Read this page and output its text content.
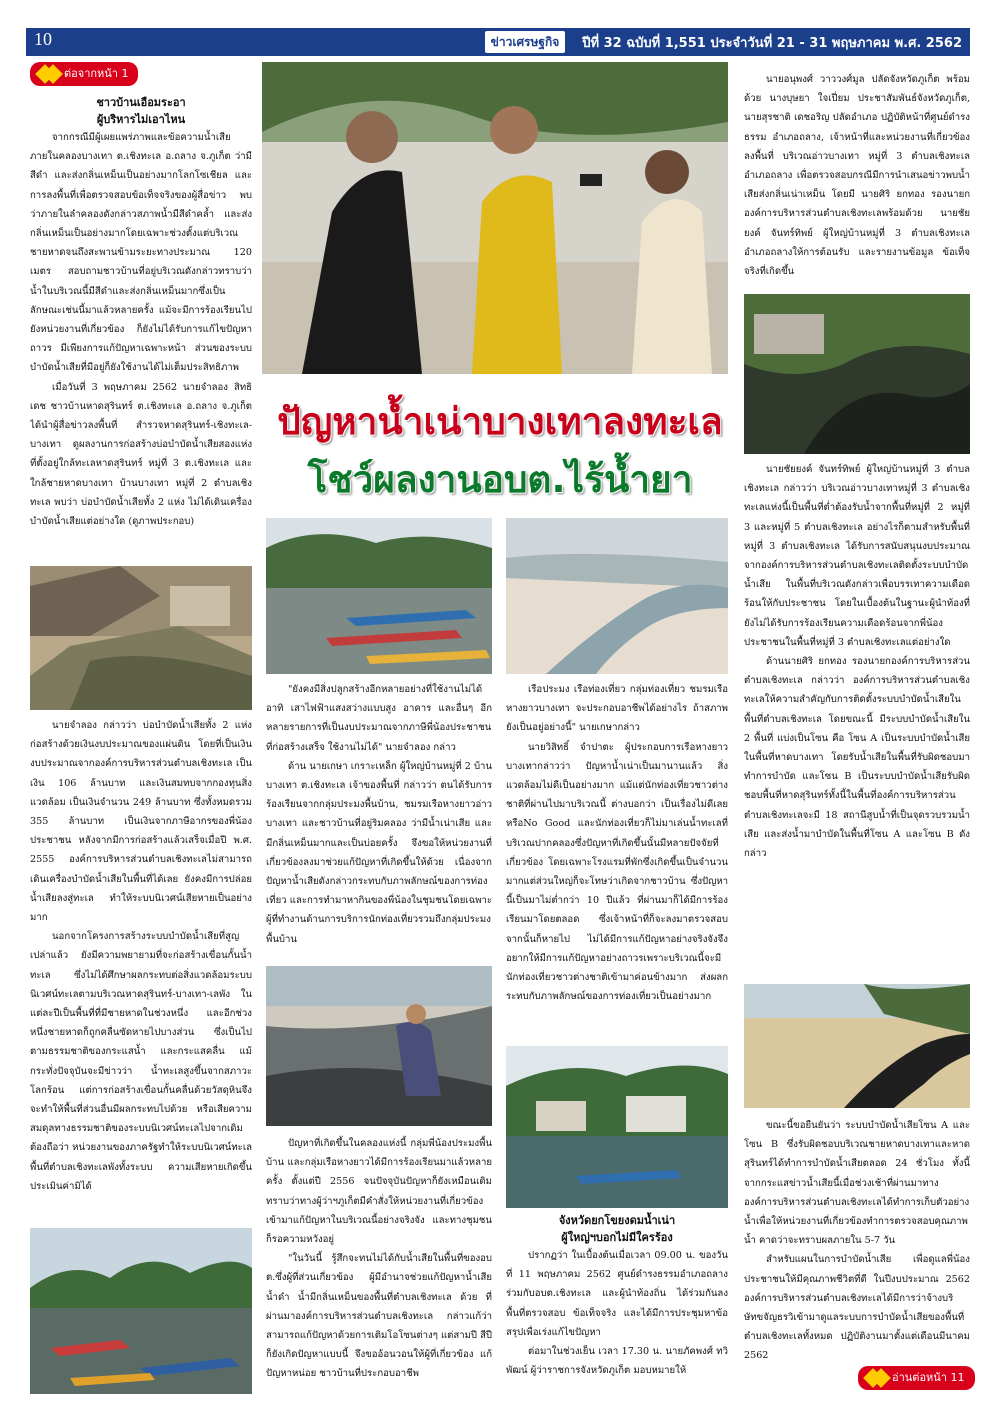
10	ข่าวเศรษฐกิจ	ปีที่ 32 ฉบับที่ 1,551 ประจำวันที่ 21 - 31 พฤษภาคม พ.ศ. 2562
ต่อจากหน้า 1
ชาวบ้านเอือมระอา
ผู้บริหารไม่เอาไหน

จากกรณีมีผู้เผยแพร่ภาพและข้อความน้ำเสียภายในคลองบางเทา ต.เชิงทะเล อ.ถลาง จ.ภูเก็ต ว่ามีสีดำ และส่งกลิ่นเหม็นเป็นอย่างมากโลกโซเชียล และการลงพื้นที่เพื่อตรวจสอบข้อเท็จจริงของผู้สื่อข่าว พบว่าภายในลำคลองดังกล่าวสภาพน้ำมีสีดำคล้ำ และส่งกลิ่นเหม็นเป็นอย่างมากโดยเฉพาะช่วงตั้งแต่บริเวณชายหาดจนถึงสะพานข้ามระยะทางประมาณ 120 เมตร สอบถามชาวบ้านที่อยู่บริเวณดังกล่าวทราบว่า น้ำในบริเวณนี้มีสีดำและส่งกลิ่นเหม็นมากซึ่งเป็นลักษณะเช่นนี้มาแล้วหลายครั้ง แม้จะมีการร้องเรียนไปยังหน่วยงานที่เกี่ยวข้อง ก็ยังไม่ได้รับการแก้ไขปัญหาถาวร มีเพียงการแก้ปัญหาเฉพาะหน้า ส่วนของระบบบำบัดน้ำเสียที่มีอยู่ก็ยังใช้งานได้ไม่เต็มประสิทธิภาพ

เมื่อวันที่ 3 พฤษภาคม 2562 นายจำลอง สิทธิเดช ชาวบ้านหาดสุรินทร์ ต.เชิงทะเล อ.ถลาง จ.ภูเก็ต ได้นำผู้สื่อข่าวลงพื้นที่ สำรวจหาดสุรินทร์-เชิงทะเล-บางเทา ดูผลงานการก่อสร้างบ่อบำบัดน้ำเสียสองแห่ง ที่ตั้งอยู่ใกล้ทะเลหาดสุรินทร์ หมู่ที่ 3 ต.เชิงทะเล และใกล้ชายหาดบางเทา บ้านบางเทา หมู่ที่ 2 ตำบลเชิงทะเล พบว่า บ่อบำบัดน้ำเสียทั้ง 2 แห่ง ไม่ได้เดินเครื่องบำบัดน้ำเสียแต่อย่างใด (ดูภาพประกอบ)

นายจำลอง กล่าวว่า บ่อบำบัดน้ำเสียทั้ง 2 แห่งก่อสร้างด้วยเงินงบประมาณของแผ่นดิน โดยที่เป็นเงินงบประมาณจากองค์การบริหารส่วนตำบลเชิงทะเล เป็นเงิน 106 ล้านบาท และเงินสมทบจากกองทุนสิ่งแวดล้อม เป็นเงินจำนวน 249 ล้านบาท ซึ่งทั้งหมดรวม 355 ล้านบาท เป็นเงินจากภาษีอากรของพี่น้องประชาชน หลังจากมีการก่อสร้างแล้วเสร็จเมื่อปี พ.ศ. 2555 องค์การบริหารส่วนตำบลเชิงทะเลไม่สามารถเดินเครื่องบำบัดน้ำเสียในพื้นที่ได้เลย ยังคงมีการปล่อยน้ำเสียลงสู่ทะเล ทำให้ระบบนิเวศน์เสียหายเป็นอย่างมาก

นอกจากโครงการสร้างระบบบำบัดน้ำเสียที่สูญเปล่าแล้ว ยังมีความพยายามที่จะก่อสร้างเขื่อนกั้นน้ำทะเล ซึ่งไม่ได้ศึกษาผลกระทบต่อสิ่งแวดล้อมระบบนิเวศน์ทะเลตามบริเวณหาดสุรินทร์-บางเทา-เลพัง ในแต่ละปีเป็นพื้นที่ที่มีชายหาดในช่วงหนึ่ง และอีกช่วงหนึ่งชายหาดก็ถูกคลื่นซัดหายไปบางส่วน ซึ่งเป็นไปตามธรรมชาติของกระแสน้ำ และกระแสคลื่น แม้กระทั่งปัจจุบันจะมีข่าวว่า น้ำทะเลสูงขึ้นจากสภาวะโลกร้อน แต่การก่อสร้างเขื่อนกั้นคลื่นด้วยวัสดุหินจึง จะทำให้พื้นที่ส่วนอื่นมีผลกระทบไปด้วย หรือเสียความสมดุลทางธรรมชาติของระบบนิเวศน์ทะเลไปจากเดิม ต้องถือว่า หน่วยงานของภาครัฐทำให้ระบบนิเวศน์ทะเลพื้นที่ตำบลเชิงทะเลพังทั้งระบบ ความเสียหายเกิดขึ้นประเมินค่ามิได้

ปัญหาน้ำเน่าบางเทาลงทะเล
โชว์ผลงานอบต.ไร้น้ำยา

"ยังคงมีสิ่งปลูกสร้างอีกหลายอย่างที่ใช้งานไม่ได้ อาทิ เสาไฟฟ้าแสงสว่างแบบสูง อาคาร และอื่นๆ อีกหลายรายการที่เป็นงบประมาณจากภาษีพี่น้องประชาชนที่ก่อสร้างเสร็จ ใช้งานไม่ได้" นายจำลอง กล่าว

ด้าน นายเกษา เกราะเหล็ก ผู้ใหญ่บ้านหมู่ที่ 2 บ้านบางเทา ต.เชิงทะเล เจ้าของพื้นที่ กล่าวว่า ตนได้รับการร้องเรียนจากกลุ่มประมงพื้นบ้าน, ชมรมเรือหางยาวอ่าวบางเทา และชาวบ้านที่อยู่ริมคลอง ว่ามีน้ำเน่าเสีย และมีกลิ่นเหม็นมากและเป็นบ่อยครั้ง จึงขอให้หน่วยงานที่เกี่ยวข้องลงมาช่วยแก้ปัญหาที่เกิดขึ้นให้ด้วย เนื่องจากปัญหาน้ำเสียดังกล่าวกระทบกับภาพลักษณ์ของการท่องเที่ยว และการทำมาหากินของพี่น้องในชุมชนโดยเฉพาะผู้ที่ทำงานด้านการบริการนักท่องเที่ยวรวมถึงกลุ่มประมงพื้นบ้าน

ปัญหาที่เกิดขึ้นในคลองแห่งนี้ กลุ่มพี่น้องประมงพื้นบ้าน และกลุ่มเรือหางยาวได้มีการร้องเรียนมาแล้วหลายครั้ง ตั้งแต่ปี 2556 จนปัจจุบันปัญหาก็ยังเหมือนเดิม ทราบว่าทางผู้ว่าฯภูเก็ตมีคำสั่งให้หน่วยงานที่เกี่ยวข้องเข้ามาแก้ปัญหาในบริเวณนี้อย่างจริงจัง และทางชุมชนก็รอความหวังอยู่

"ในวันนี้ รู้สึกจะทนไม่ได้กับน้ำเสียในพื้นที่ของอบต.ซึ่งผู้ที่ส่วนเกี่ยวข้อง ผู้มีอำนาจช่วยแก้ปัญหาน้ำเสีย น้ำดำ น้ำมีกลิ่นเหม็นของพื้นที่ตำบลเชิงทะเล ด้วย ที่ผ่านมาองค์การบริหารส่วนตำบลเชิงทะเล กล่าวแก้ว่า สามารถแก้ปัญหาด้วยการเติมโอโซนต่างๆ แต่สามปี สีปี ก็ยังเกิดปัญหาแบบนี้ จึงขออ้อนวอนให้ผู้ที่เกี่ยวข้อง แก้ปัญหาหน่อย ชาวบ้านที่ประกอบอาชีพ

เรือประมง เรือท่องเที่ยว กลุ่มท่องเที่ยว ชมรมเรือหางยาวบางเทา จะประกอบอาชีพได้อย่างไร ถ้าสภาพยังเป็นอยู่อย่างนี้" นายเกษากล่าว

นายวิสิทธิ์ จำปาตะ ผู้ประกอบการเรือหางยาวบางเทากล่าวว่า ปัญหาน้ำเน่าเป็นมานานแล้ว สิ่งแวดล้อมไม่ดีเป็นอย่างมาก แม้แต่นักท่องเที่ยวชาวต่างชาติที่ผ่านไปมาบริเวณนี้ ต่างบอกว่า เป็นเรื่องไม่ดีเลย หรือNo Good และนักท่องเที่ยวก็ไม่มาเล่นน้ำทะเลที่บริเวณปากคลองซึ่งปัญหาที่เกิดขึ้นนั้นมีหลายปัจจัยที่เกี่ยวข้อง โดยเฉพาะโรงแรมที่พักซึ่งเกิดขึ้นเป็นจำนวนมากแต่ส่วนใหญ่ก็จะโทษว่าเกิดจากชาวบ้าน ซึ่งปัญหานี้เป็นมาไม่ต่ำกว่า 10 ปีแล้ว ที่ผ่านมาก็ได้มีการร้องเรียนมาโดยตลอด ซึ่งเจ้าหน้าที่ก็จะลงมาตรวจสอบ จากนั้นก็หายไป ไม่ได้มีการแก้ปัญหาอย่างจริงจังจึง อยากให้มีการแก้ปัญหาอย่างถาวรเพราะบริเวณนี้จะมีนักท่องเที่ยวชาวต่างชาติเข้ามาค่อนข้างมาก ส่งผลกระทบกับภาพลักษณ์ของการท่องเที่ยวเป็นอย่างมาก

จังหวัดยกโขยงดมน้ำเน่า
ผู้ใหญ่ฯบอกไม่มีใครร้อง

ปรากฏว่า ในเบื้องต้นเมื่อเวลา 09.00 น. ของวันที่ 11 พฤษภาคม 2562 ศูนย์ดำรงธรรมอำเภอถลาง ร่วมกับอบต.เชิงทะเล และผู้นำท้องถิ่น ได้ร่วมกันลงพื้นที่ตรวจสอบ ข้อเท็จจริง และได้มีการประชุมหาข้อสรุปเพื่อเร่งแก้ไขปัญหา

ต่อมาในช่วงเย็น เวลา 17.30 น. นายภัคพงศ์ ทวิพัฒน์ ผู้ว่าราชการจังหวัดภูเก็ต มอบหมายให้

นายอนุพงศ์ วาววงศ์มูล ปลัดจังหวัดภูเก็ต พร้อมด้วย นางบุษยา ใจเปี่ยม ประชาสัมพันธ์จังหวัดภูเก็ต, นายสุรชาติ เดชอริญ ปลัดอำเภอ ปฏิบัติหน้าที่ศูนย์ดำรงธรรม อำเภอถลาง, เจ้าหน้าที่และหน่วยงานที่เกี่ยวข้อง ลงพื้นที่ บริเวณอ่าวบางเทา หมู่ที่ 3 ตำบลเชิงทะเล อำเภอถลาง เพื่อตรวจสอบกรณีมีการนำเสนอข่าวพบน้ำเสียส่งกลิ่นเน่าเหม็น โดยมี นายศิริ ยกทอง รองนายกองค์การบริหารส่วนตำบลเชิงทะเลพร้อมด้วย นายชัยยงค์ จันทร์ทิพย์ ผู้ใหญ่บ้านหมู่ที่ 3 ตำบลเชิงทะเล อำเภอถลางให้การต้อนรับ และรายงานข้อมูล ข้อเท็จจริงที่เกิดขึ้น

นายชัยยงค์ จันทร์ทิพย์ ผู้ใหญ่บ้านหมู่ที่ 3 ตำบลเชิงทะเล กล่าวว่า บริเวณอ่าวบางเทาหมู่ที่ 3 ตำบลเชิงทะเลแห่งนี้เป็นพื้นที่ต่ำต้องรับน้ำจากพื้นที่หมู่ที่ 2 หมู่ที่ 3 และหมู่ที่ 5 ตำบลเชิงทะเล อย่างไรก็ตามสำหรับพื้นที่หมู่ที่ 3 ตำบลเชิงทะเล ได้รับการสนับสนุนงบประมาณจากองค์การบริหารส่วนตำบลเชิงทะเลติดตั้งระบบบำบัดน้ำเสีย ในพื้นที่บริเวณดังกล่าวเพื่อบรรเทาความเดือดร้อนให้กับประชาชน โดยในเบื้องต้นในฐานะผู้นำท้องที่ยังไม่ได้รับการร้องเรียนความเดือดร้อนจากพี่น้องประชาชนในพื้นที่หมู่ที่ 3 ตำบลเชิงทะเลแต่อย่างใด

ด้านนายศิริ ยกทอง รองนายกองค์การบริหารส่วนตำบลเชิงทะเล กล่าวว่า องค์การบริหารส่วนตำบลเชิงทะเลให้ความสำคัญกับการติดตั้งระบบบำบัดน้ำเสียในพื้นที่ตำบลเชิงทะเล โดยขณะนี้ มีระบบบำบัดน้ำเสียใน 2 พื้นที่ แบ่งเป็นโซน คือ โซน A เป็นระบบบำบัดน้ำเสียในพื้นที่หาดบางเทา โดยรับน้ำเสียในพื้นที่รับผิดชอบมาทำการบำบัด และโซน B เป็นระบบบำบัดน้ำเสียรับผิดชอบพื้นที่หาดสุรินทร์ทั้งนี้ในพื้นที่องค์การบริหารส่วนตำบลเชิงทะเลจะมี 18 สถานีสูบน้ำที่เป็นจุดรวบรวมน้ำเสีย และส่งน้ำมาบำบัดในพื้นที่โซน A และโซน B ดังกล่าว

ขณะนี้ขอยืนยันว่า ระบบบำบัดน้ำเสียโซน A และโซน B ซึ่งรับผิดชอบบริเวณชายหาดบางเทาและหาดสุรินทร์ได้ทำการบำบัดน้ำเสียตลอด 24 ชั่วโมง ทั้งนี้จากกระแสข่าวน้ำเสียนี้เมื่อช่วงเช้าที่ผ่านมาทางองค์การบริหารส่วนตำบลเชิงทะเลได้ทำการเก็บตัวอย่างน้ำเพื่อให้หน่วยงานที่เกี่ยวข้องทำการตรวจสอบคุณภาพน้ำ คาดว่าจะทราบผลภายใน 5-7 วัน

สำหรับแผนในการบำบัดน้ำเสีย เพื่อดูแลพี่น้องประชาชนให้มีคุณภาพชีวิตที่ดี ในปีงบประมาณ 2562 องค์การบริหารส่วนตำบลเชิงทะเลได้มีการว่าจ้างบริษัทขจัญธรวิเข้ามาดูแลระบบการบำบัดน้ำเสียของพื้นที่ตำบลเชิงทะเลทั้งหมด ปฏิบัติงานมาตั้งแต่เดือนมีนาคม 2562

อ่านต่อหน้า 11
